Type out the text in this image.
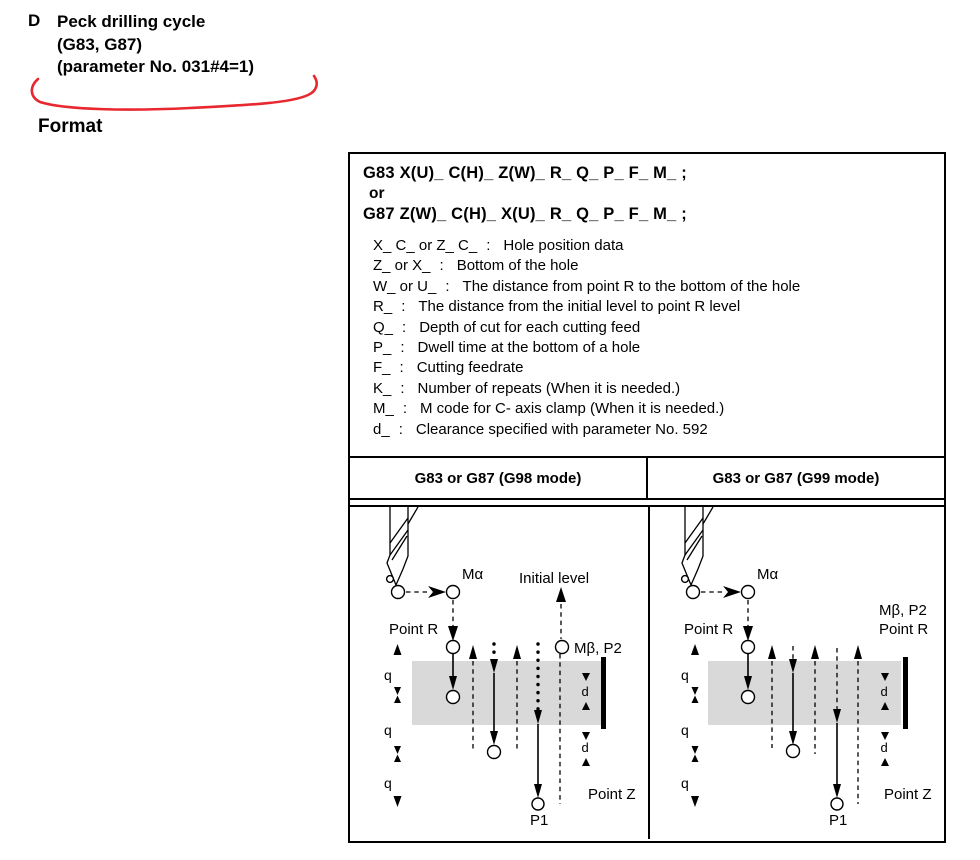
D Peck drilling cycle
(G83, G87)
(parameter No. 031#4=1)
Format
G83 X(U)_ C(H)_ Z(W)_ R_ Q_ P_ F_ M_ ;
or
G87 Z(W)_ C(H)_ X(U)_ R_ Q_ P_ F_ M_ ;
X_ C_ or Z_ C_ : Hole position data
Z_ or X_ : Bottom of the hole
W_ or U_ : The distance from point R to the bottom of the hole
R_ : The distance from the initial level to point R level
Q_ : Depth of cut for each cutting feed
P_ : Dwell time at the bottom of a hole
F_ : Cutting feedrate
K_ : Number of repeats (When it is needed.)
M_ : M code for C- axis clamp (When it is needed.)
d_ : Clearance specified with parameter No. 592
G83 or G87 (G98 mode)	G83 or G87 (G99 mode)
Mα
Point R
Initial level
Mβ, P2
q
q
q
P1
d
d
Point Z
Mα
Point R
Mβ, P2
Point R
q
q
q
P1
d
d
Point Z
